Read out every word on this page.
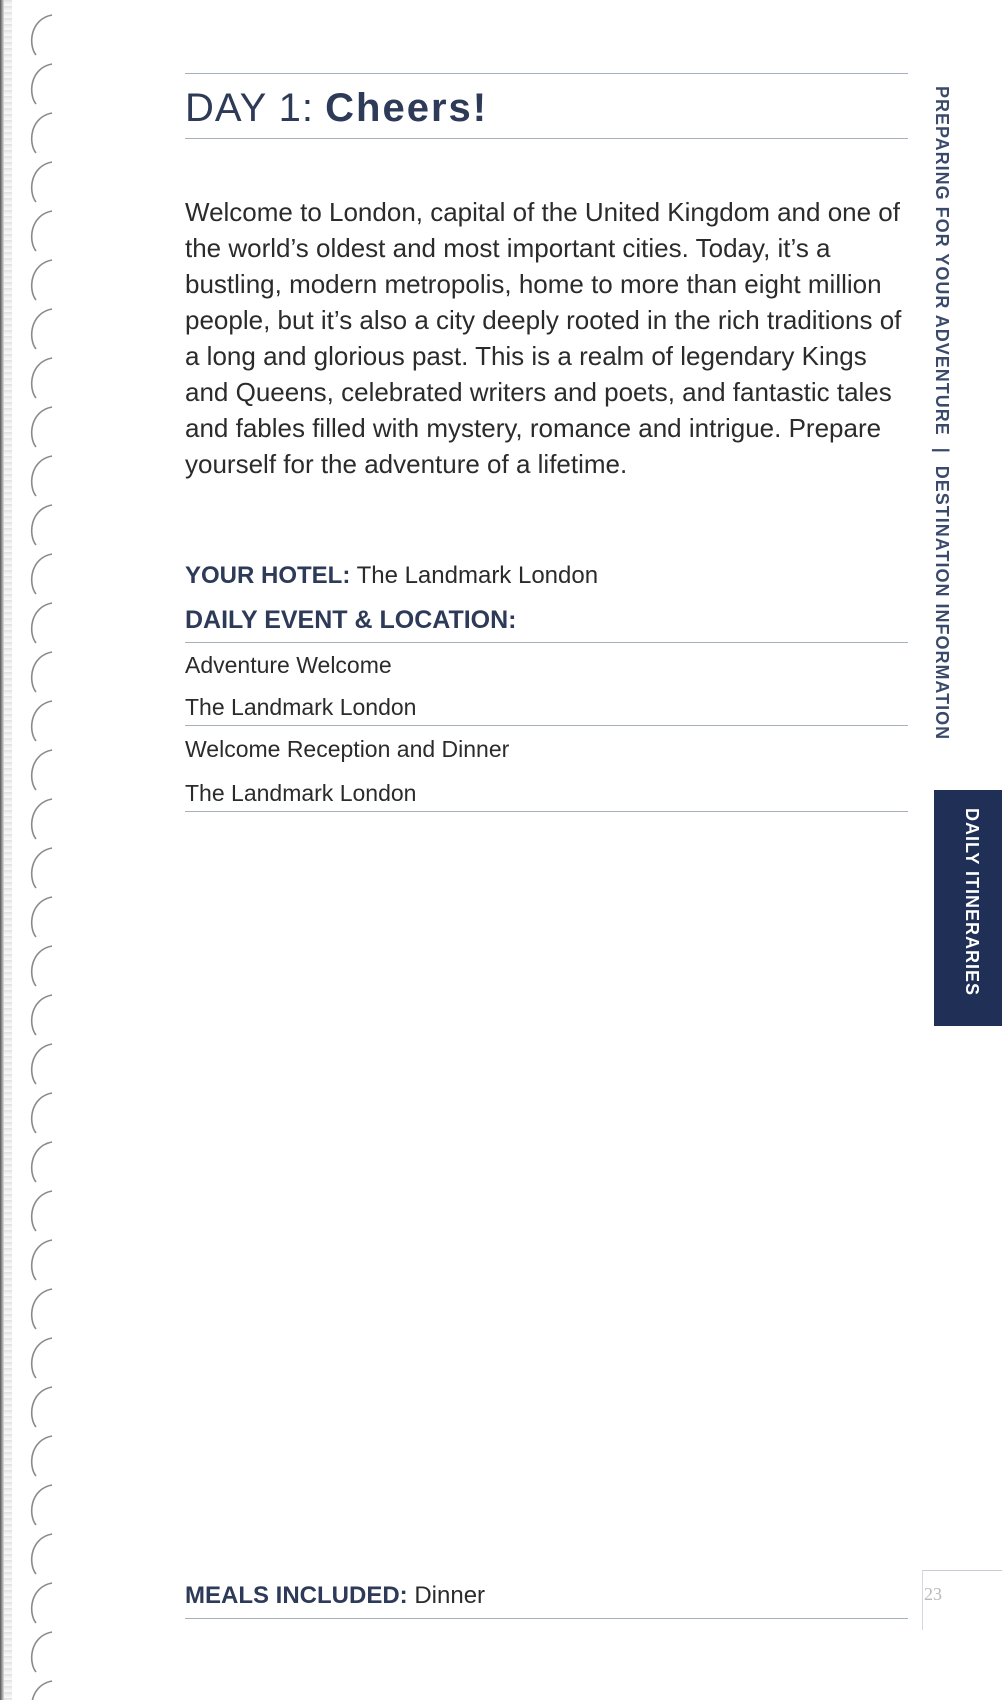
DAY 1: Cheers!

Welcome to London, capital of the United Kingdom and one of the world’s oldest and most important cities. Today, it’s a bustling, modern metropolis, home to more than eight million people, but it’s also a city deeply rooted in the rich traditions of a long and glorious past. This is a realm of legendary Kings and Queens, celebrated writers and poets, and fantastic tales and fables filled with mystery, romance and intrigue. Prepare yourself for the adventure of a lifetime.

YOUR HOTEL: The Landmark London
DAILY EVENT & LOCATION:
Adventure Welcome
The Landmark London
Welcome Reception and Dinner
The Landmark London
MEALS INCLUDED: Dinner
PREPARING FOR YOUR ADVENTURE | DESTINATION INFORMATION
DAILY ITINERARIES
23
